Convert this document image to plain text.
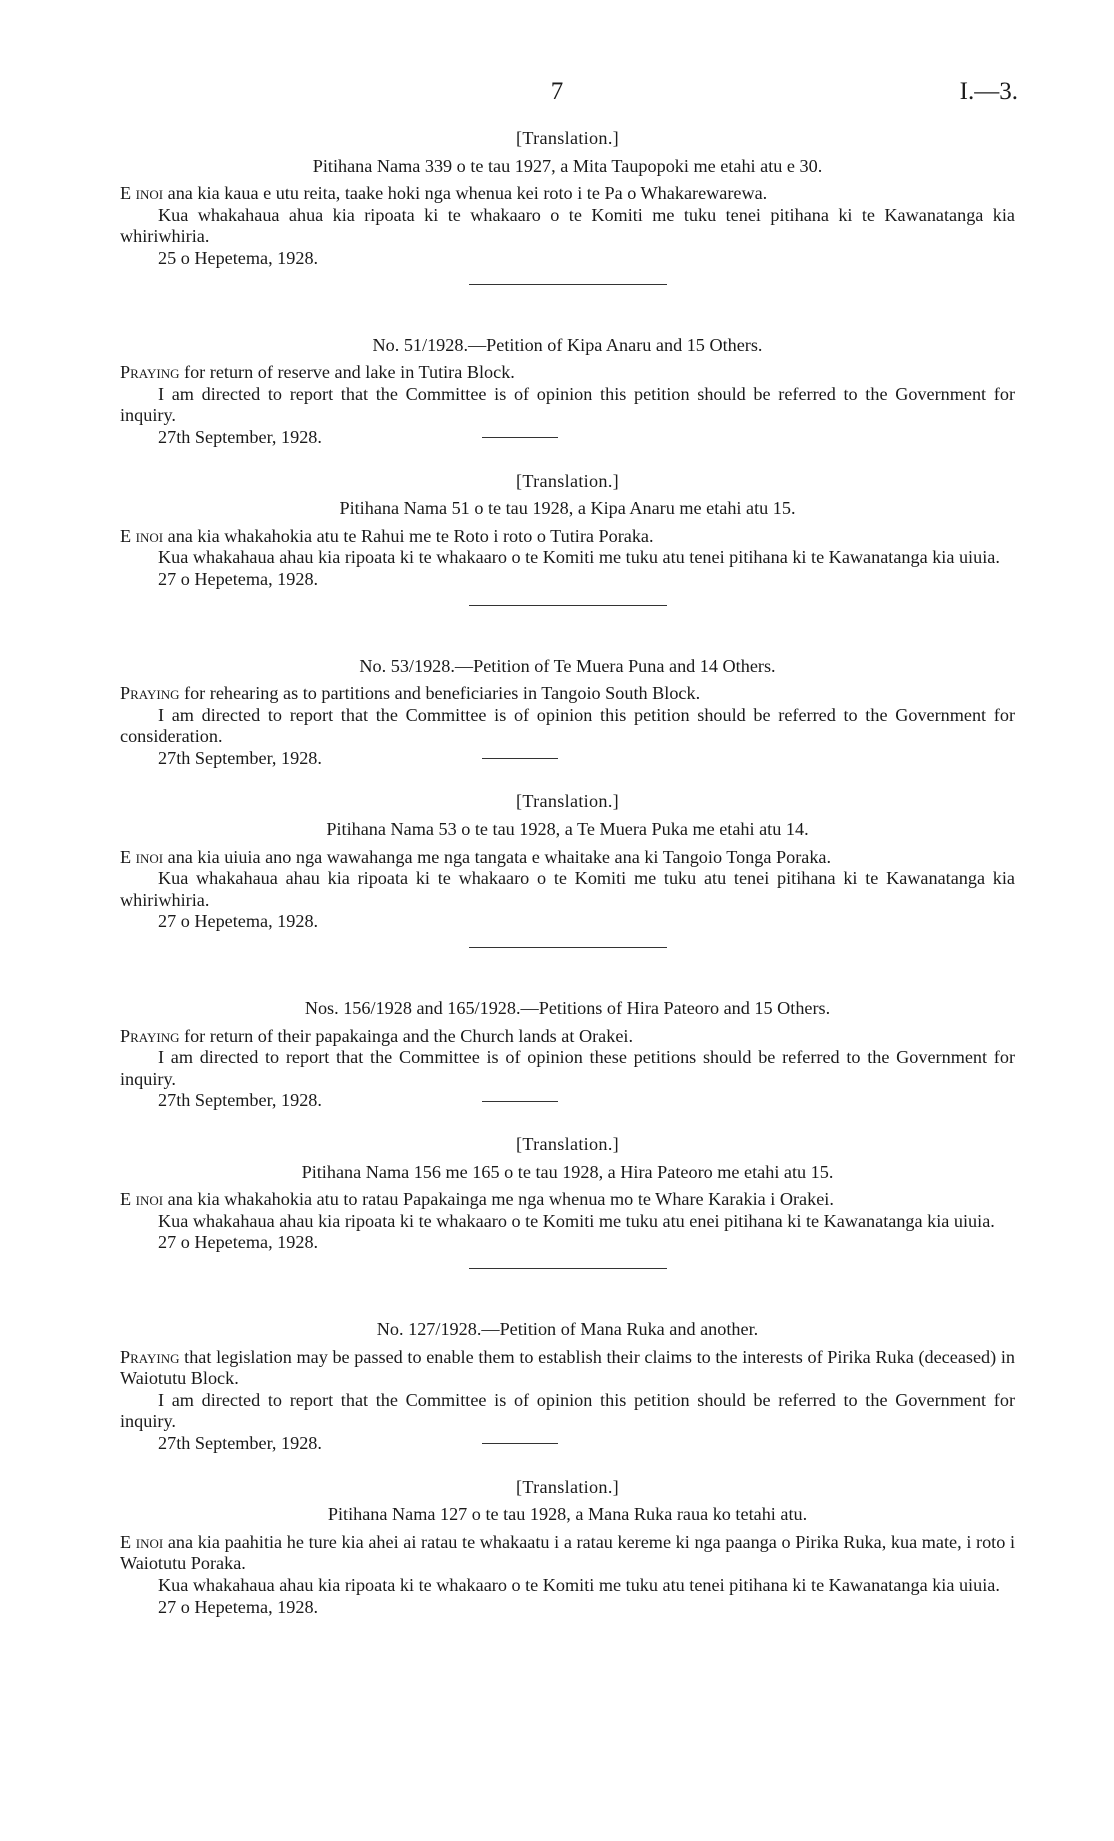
7	I.—3.
[Translation.]
Pitihana Nama 339 o te tau 1927, a Mita Taupopoki me etahi atu e 30.

E inoi ana kia kaua e utu reita, taake hoki nga whenua kei roto i te Pa o Whakarewarewa.

Kua whakahaua ahua kia ripoata ki te whakaaro o te Komiti me tuku tenei pitihana ki te Kawanatanga kia whiriwhiria.

25 o Hepetema, 1928.

No. 51/1928.—Petition of Kipa Anaru and 15 Others.

Praying for return of reserve and lake in Tutira Block.

I am directed to report that the Committee is of opinion this petition should be referred to the Government for inquiry.

27th September, 1928.
[Translation.]
Pitihana Nama 51 o te tau 1928, a Kipa Anaru me etahi atu 15.

E inoi ana kia whakahokia atu te Rahui me te Roto i roto o Tutira Poraka.

Kua whakahaua ahau kia ripoata ki te whakaaro o te Komiti me tuku atu tenei pitihana ki te Kawanatanga kia uiuia.

27 o Hepetema, 1928.

No. 53/1928.—Petition of Te Muera Puna and 14 Others.

Praying for rehearing as to partitions and beneficiaries in Tangoio South Block.

I am directed to report that the Committee is of opinion this petition should be referred to the Government for consideration.

27th September, 1928.
[Translation.]
Pitihana Nama 53 o te tau 1928, a Te Muera Puka me etahi atu 14.

E inoi ana kia uiuia ano nga wawahanga me nga tangata e whaitake ana ki Tangoio Tonga Poraka.

Kua whakahaua ahau kia ripoata ki te whakaaro o te Komiti me tuku atu tenei pitihana ki te Kawanatanga kia whiriwhiria.

27 o Hepetema, 1928.

Nos. 156/1928 and 165/1928.—Petitions of Hira Pateoro and 15 Others.

Praying for return of their papakainga and the Church lands at Orakei.

I am directed to report that the Committee is of opinion these petitions should be referred to the Government for inquiry.

27th September, 1928.
[Translation.]
Pitihana Nama 156 me 165 o te tau 1928, a Hira Pateoro me etahi atu 15.

E inoi ana kia whakahokia atu to ratau Papakainga me nga whenua mo te Whare Karakia i Orakei.

Kua whakahaua ahau kia ripoata ki te whakaaro o te Komiti me tuku atu enei pitihana ki te Kawanatanga kia uiuia.

27 o Hepetema, 1928.

No. 127/1928.—Petition of Mana Ruka and another.

Praying that legislation may be passed to enable them to establish their claims to the interests of Pirika Ruka (deceased) in Waiotutu Block.

I am directed to report that the Committee is of opinion this petition should be referred to the Government for inquiry.

27th September, 1928.
[Translation.]
Pitihana Nama 127 o te tau 1928, a Mana Ruka raua ko tetahi atu.

E inoi ana kia paahitia he ture kia ahei ai ratau te whakaatu i a ratau kereme ki nga paanga o Pirika Ruka, kua mate, i roto i Waiotutu Poraka.

Kua whakahaua ahau kia ripoata ki te whakaaro o te Komiti me tuku atu tenei pitihana ki te Kawanatanga kia uiuia.

27 o Hepetema, 1928.
